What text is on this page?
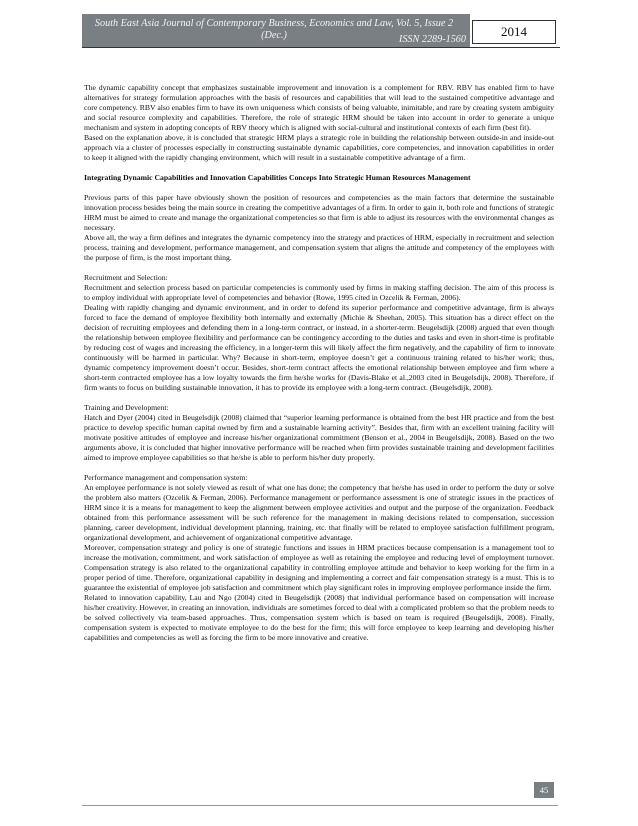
South East Asia Journal of Contemporary Business, Economics and Law, Vol. 5, Issue 2 (Dec.)	ISSN 2289-1560
2014

The dynamic capability concept that emphasizes sustainable improvement and innovation is a complement for RBV. RBV has enabled firm to have alternatives for strategy formulation approaches with the basis of resources and capabilities that will lead to the sustained competitive advantage and core competency. RBV also enables firm to have its own uniqueness which consists of being valuable, inimitable, and rare by creating system ambiguity and social resource complexity and capabilities. Therefore, the role of strategic HRM should be taken into account in order to generate a unique mechanism and system in adopting concepts of RBV theory which is aligned with social-cultural and institutional contexts of each firm (best fit).

Based on the explanation above, it is concluded that strategic HRM plays a strategic role in building the relationship between outside-in and inside-out approach via a cluster of processes especially in constructing sustainable dynamic capabilities, core competencies, and innovation capabilities in order to keep it aligned with the rapidly changing environment, which will result in a sustainable competitive advantage of a firm.

Integrating Dynamic Capabilities and Innovation Capabilities Conceps Into Strategic Human Resources Management

Previous parts of this paper have obviously shown the position of resources and competencies as the main factors that determine the sustainable innovation process besides being the main source in creating the competitive advantages of a firm. In order to gain it, both role and functions of strategic HRM must be aimed to create and manage the organizational competencies so that firm is able to adjust its resources with the environmental changes as necessary.

Above all, the way a firm defines and integrates the dynamic competency into the strategy and practices of HRM, especially in recruitment and selection process, training and development, performance management, and compensation system that aligns the attitude and competency of the employees with the purpose of firm, is the most important thing.

Recruitment and Selection:

Recruitment and selection process based on particular competencies is commonly used by firms in making staffing decision. The aim of this process is to employ individual with appropriate level of competencies and behavior (Rowe, 1995 cited in Ozcelik & Ferman, 2006).

Dealing with rapidly changing and dynamic environment, and in order to defend its superior performance and competitive advantage, firm is always forced to face the demand of employee flexibility both internally and externally (Michie & Sheehan, 2005). This situation has a direct effect on the decision of recruiting employees and defending them in a long-term contract, or instead, in a shorter-term. Beugelsdijk (2008) argued that even though the relationship between employee flexibility and performance can be contingency according to the duties and tasks and even in short-time is profitable by reducing cost of wages and increasing the efficiency, in a longer-term this will likely affect the firm negatively, and the capability of firm to innovate continuously will be harmed in particular. Why? Because in short-term, employee doesn’t get a continuous training related to his/her work; thus, dynamic competency improvement doesn’t occur. Besides, short-term contract affects the emotional relationship between employee and firm where a short-term contracted employee has a low loyalty towards the firm he/she works for (Davis-Blake et al.,2003 cited in Beugelsdijk, 2008). Therefore, if firm wants to focus on building sustainable innovation, it has to provide its employee with a long-term contract. (Beugelsdijk, 2008).

Training and Development:

Hatch and Dyer (2004) cited in Beugelsdijk (2008) claimed that “superior learning performance is obtained from the best HR practice and from the best practice to develop specific human capital owned by firm and a sustainable learning activity”. Besides that, firm with an excellent training facility will motivate positive attitudes of employee and increase his/her organizational commitment (Benson et al., 2004 in Beugelsdijk, 2008). Based on the two arguments above, it is concluded that higher innovative performance will be reached when firm provides sustainable training and development facilities aimed to improve employee capabilities so that he/she is able to perform his/her duty properly.

Performance management and compensation system:

An employee performance is not solely viewed as result of what one has done; the competency that he/she has used in order to perform the duty or solve the problem also matters (Ozcelik & Ferman, 2006). Performance management or performance assessment is one of strategic issues in the practices of HRM since it is a means for management to keep the alignment between employee activities and output and the purpose of the organization. Feedback obtained from this performance assessment will be such reference for the management in making decisions related to compensation, succession planning, career development, individual development planning, training, etc. that finally will be related to employee satisfaction fulfillment program, organizational development, and achievement of organizational competitive advantage.

Moreover, compensation strategy and policy is one of strategic functions and issues in HRM practices because compensation is a management tool to increase the motivation, commitment, and work satisfaction of employee as well as retaining the employee and reducing level of employment turnover. Compensation strategy is also related to the organizational capability in controlling employee attitude and behavior to keep working for the firm in a proper period of time. Therefore, organizational capability in designing and implementing a correct and fair compensation strategy is a must. This is to guarantee the existential of employee job satisfaction and commitment which play significant roles in improving employee performance inside the firm.

Related to innovation capability, Lau and Ngo (2004) cited in Beugelsdijk (2008) that individual performance based on compensation will increase his/her creativity. However, in creating an innovation, individuals are sometimes forced to deal with a complicated problem so that the problem needs to be solved collectively via team-based approaches. Thus, compensation system which is based on team is required (Beugelsdijk, 2008). Finally, compensation system is expected to motivate employee to do the best for the firm; this will force employee to keep learning and developing his/her capabilities and competencies as well as forcing the firm to be more innovative and creative.

45
